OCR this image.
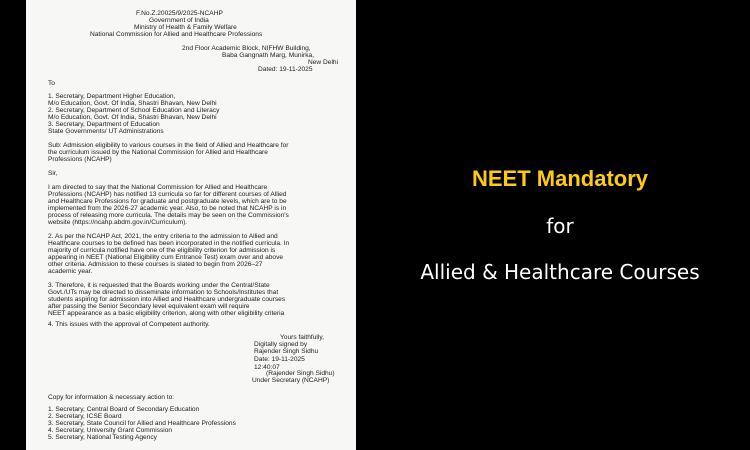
F.No.Z.20025/9/2025-NCAHP
Government of India
Ministry of Health & Family Welfare
National Commission for Allied and Healthcare Professions
2nd Floor Academic Block, NIFHW Building,
Baba Gangnath Marg, Munirka,
New Delhi
Dated: 19-11-2025
To
1. Secretary, Department Higher Education,
M/o Education, Govt. Of India, Shastri Bhavan, New Delhi
2. Secretary, Department of School Education and Literacy
M/o Education, Govt. Of India, Shastri Bhavan, New Delhi
3. Secretary, Department of Education
State Governments/ UT Administrations
Sub: Admission eligibility to various courses in the field of Allied and Healthcare for
the curriculum issued by the National Commission for Allied and Healthcare
Professions (NCAHP)
Sir,
I am directed to say that the National Commission for Allied and Healthcare
Professions (NCAHP) has notified 13 curricula so far for different courses of Allied
and Healthcare Professions for graduate and postgraduate levels, which are to be
implemented from the 2026-27 academic year. Also, to be noted that NCAHP is in
process of releasing more curricula. The details may be seen on the Commission's
website (https://ncahp.abdm.gov.in/Curriculum).
2. As per the NCAHP Act, 2021, the entry criteria to the admission to Allied and
Healthcare courses to be defined has been incorporated in the notified curricula. In
majority of curricula notified have one of the eligibility criterion for admission is
appearing in NEET (National Eligibility cum Entrance Test) exam over and above
other criteria. Admission to these courses is slated to begin from 2026–27
academic year.
3. Therefore, it is requested that the Boards working under the Central/State
Govt./UTs may be directed to disseminate information to Schools/Institutes that
students aspiring for admission into Allied and Healthcare undergraduate courses
after passing the Senior Secondary level equivalent exam will require
NEET appearance as a basic eligibility criterion, along with other eligibility criteria
4. This issues with the approval of Competent authority.
Yours faithfully,
Digitally signed by
Rajender Singh Sidhu
Date: 19-11-2025
12:40:07
(Rajender Singh Sidhu)
Under Secretary (NCAHP)
Copy for information & necessary action to:
1. Secretary, Central Board of Secondary Education
2. Secretary, ICSE Board
3. Secretary, State Council for Allied and Healthcare Professions
4. Secretary, University Grant Commission
5. Secretary, National Testing Agency
NEET Mandatory
for
Allied & Healthcare Courses
